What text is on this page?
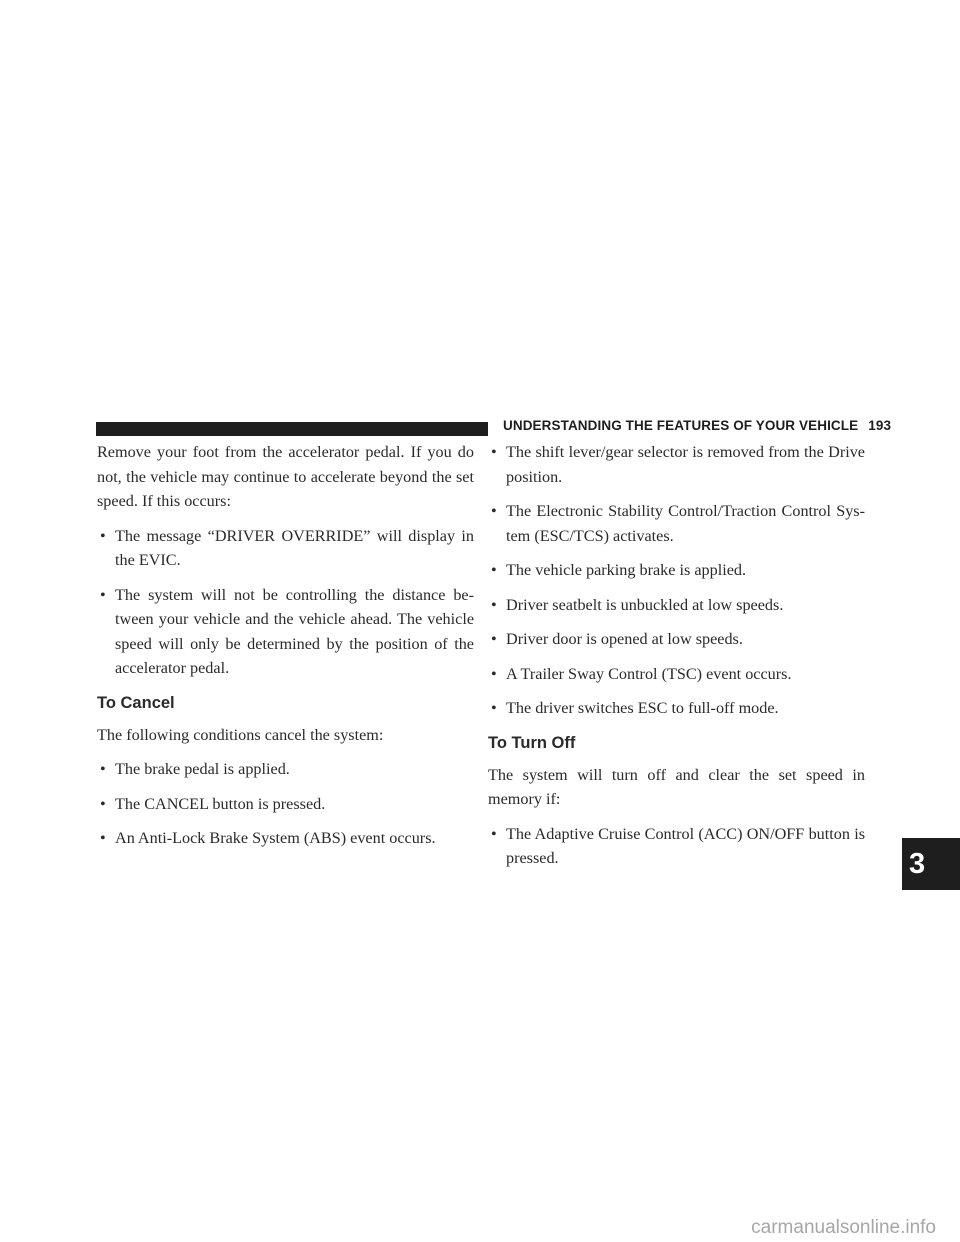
UNDERSTANDING THE FEATURES OF YOUR VEHICLE 193
3

Remove your foot from the accelerator pedal. If you do not, the vehicle may continue to accelerate beyond the set speed. If this occurs:

• The message “DRIVER OVERRIDE” will display in the EVIC.
• The system will not be controlling the distance be-tween your vehicle and the vehicle ahead. The vehicle speed will only be determined by the position of the accelerator pedal.
To Cancel

The following conditions cancel the system:

• The brake pedal is applied.
• The CANCEL button is pressed.
• An Anti-Lock Brake System (ABS) event occurs.
• The shift lever/gear selector is removed from the Drive position.
• The Electronic Stability Control/Traction Control Sys-tem (ESC/TCS) activates.
• The vehicle parking brake is applied.
• Driver seatbelt is unbuckled at low speeds.
• Driver door is opened at low speeds.
• A Trailer Sway Control (TSC) event occurs.
• The driver switches ESC to full-off mode.
To Turn Off

The system will turn off and clear the set speed in memory if:

• The Adaptive Cruise Control (ACC) ON/OFF button is pressed.
carmanualsonline.info
